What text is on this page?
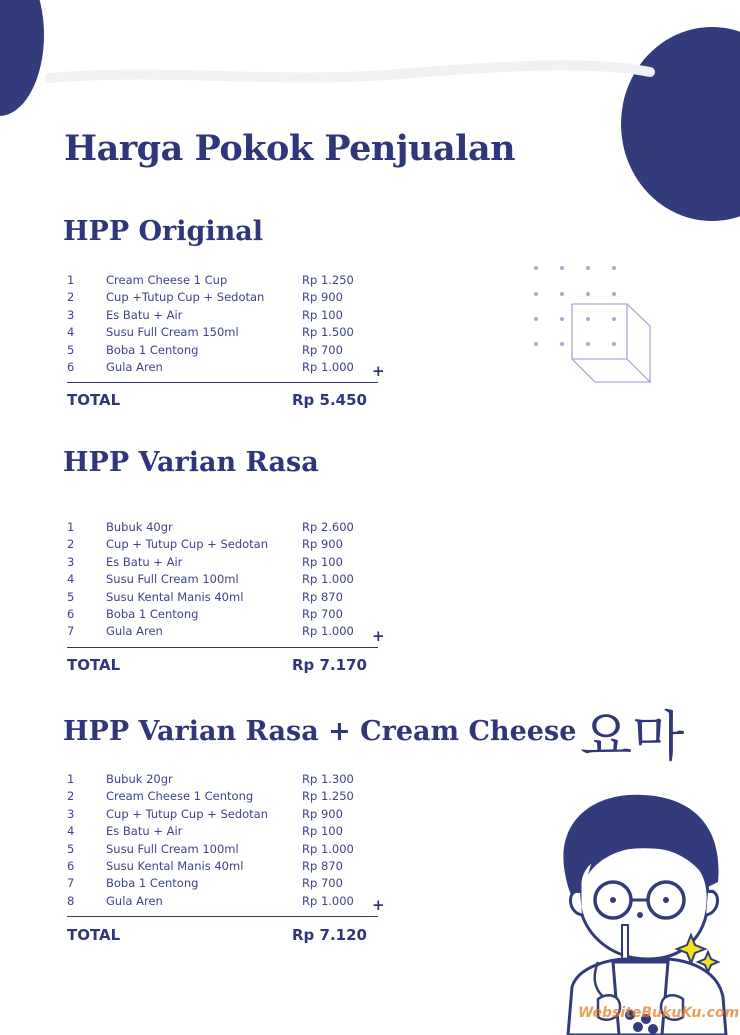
Harga Pokok Penjualan
HPP Original
1	Cream Cheese 1 Cup	Rp 1.250
2	Cup +Tutup Cup + Sedotan	Rp 900
3	Es Batu + Air	Rp 100
4	Susu Full Cream 150ml	Rp 1.500
5	Boba 1 Centong	Rp 700
6	Gula Aren	Rp 1.000 +
TOTAL	Rp 5.450
HPP Varian Rasa
1	Bubuk 40gr	Rp 2.600
2	Cup + Tutup Cup + Sedotan	Rp 900
3	Es Batu + Air	Rp 100
4	Susu Full Cream 100ml	Rp 1.000
5	Susu Kental Manis 40ml	Rp 870
6	Boba 1 Centong	Rp 700
7	Gula Aren	Rp 1.000 +
TOTAL	Rp 7.170
HPP Varian Rasa + Cream Cheese
1	Bubuk 20gr	Rp 1.300
2	Cream Cheese 1 Centong	Rp 1.250
3	Cup + Tutup Cup + Sedotan	Rp 900
4	Es Batu + Air	Rp 100
5	Susu Full Cream 100ml	Rp 1.000
6	Susu Kental Manis 40ml	Rp 870
7	Boba 1 Centong	Rp 700
8	Gula Aren	Rp 1.000 +
TOTAL	Rp 7.120
요마
WebsiteBukuKu.com
